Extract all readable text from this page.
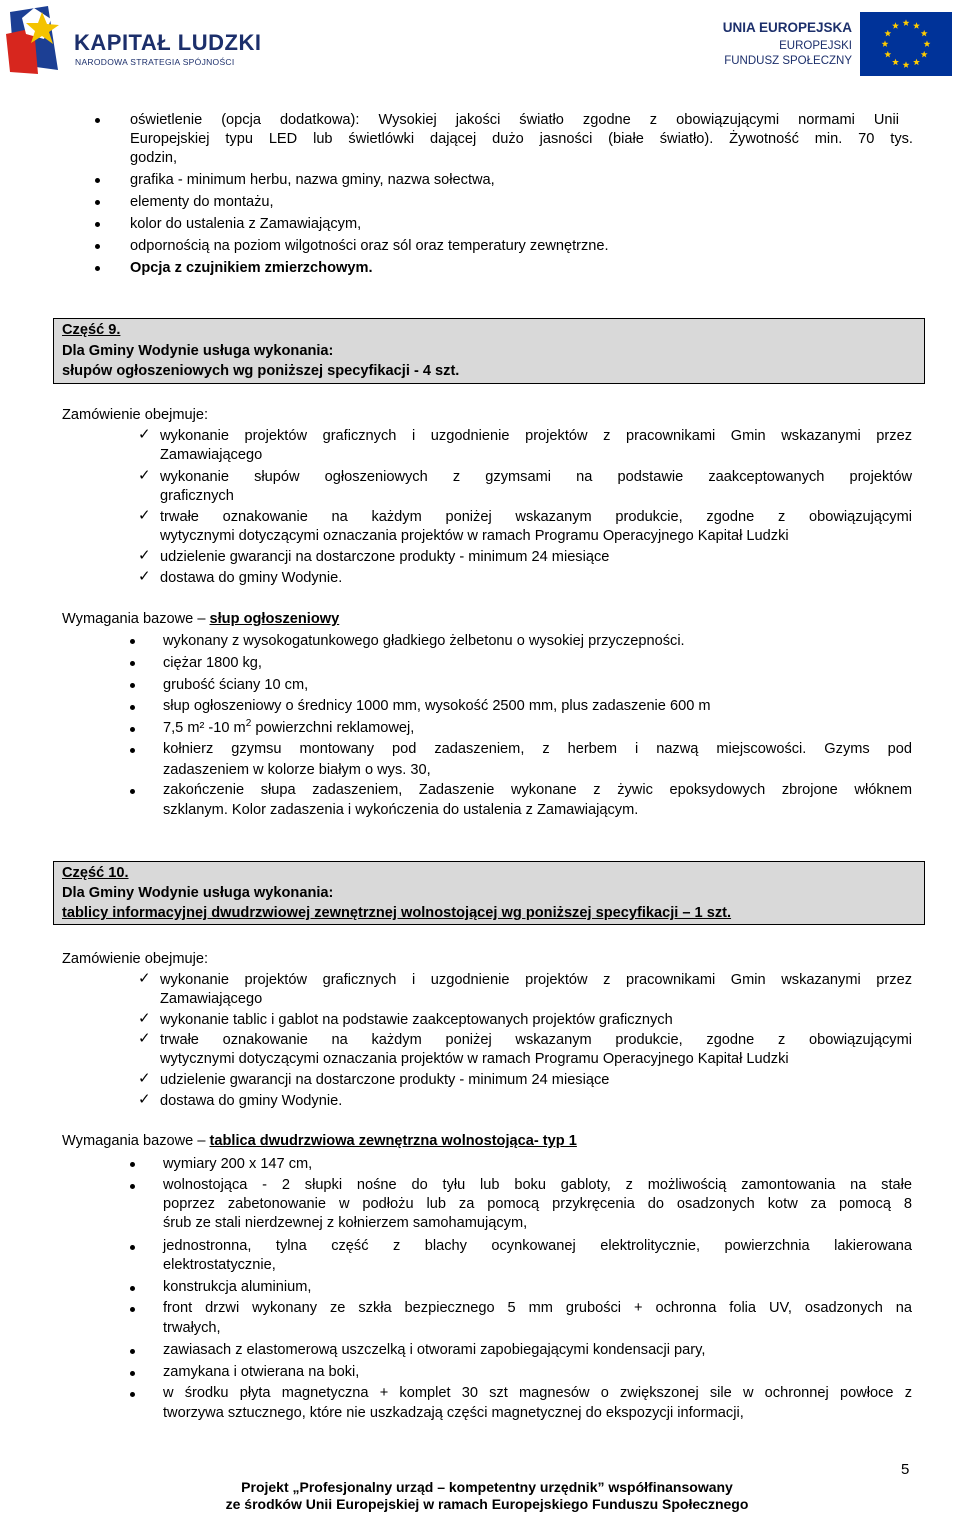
KAPITAŁ LUDZKI
NARODOWA STRATEGIA SPÓJNOŚCI
UNIA EUROPEJSKA
EUROPEJSKI
FUNDUSZ SPOŁECZNY
oświetlenie (opcja dodatkowa): Wysokiej jakości światło zgodne z obowiązującymi normami Unii
Europejskiej typu LED lub świetlówki dającej dużo jasności (białe światło). Żywotność min. 70 tys.
godzin,
grafika - minimum herbu, nazwa gminy, nazwa sołectwa,
elementy do montażu,
kolor do ustalenia z Zamawiającym,
odpornością na poziom wilgotności oraz sól oraz temperatury zewnętrzne.
Opcja z czujnikiem zmierzchowym.
Część 9.
Dla Gminy Wodynie usługa wykonania:
słupów ogłoszeniowych wg poniższej specyfikacji - 4 szt.
Zamówienie obejmuje:
✓ wykonanie projektów graficznych i uzgodnienie projektów z pracownikami Gmin wskazanymi przez
Zamawiającego
✓ wykonanie słupów ogłoszeniowych z gzymsami na podstawie zaakceptowanych projektów
graficznych
✓ trwałe oznakowanie na każdym poniżej wskazanym produkcie, zgodne z obowiązującymi
wytycznymi dotyczącymi oznaczania projektów w ramach Programu Operacyjnego Kapitał Ludzki
✓ udzielenie gwarancji na dostarczone produkty - minimum 24 miesiące
✓ dostawa do gminy Wodynie.
Wymagania bazowe – słup ogłoszeniowy
wykonany z wysokogatunkowego gładkiego żelbetonu o wysokiej przyczepności.
ciężar 1800 kg,
grubość ściany 10 cm,
słup ogłoszeniowy o średnicy 1000 mm, wysokość 2500 mm, plus zadaszenie 600 m
7,5 m² -10 $m^2$ powierzchni reklamowej,
kołnierz gzymsu montowany pod zadaszeniem, z herbem i nazwą miejscowości. Gzyms pod
zadaszeniem w kolorze białym o wys. 30,
zakończenie słupa zadaszeniem, Zadaszenie wykonane z żywic epoksydowych zbrojone włóknem
szklanym. Kolor zadaszenia i wykończenia do ustalenia z Zamawiającym.
Część 10.
Dla Gminy Wodynie usługa wykonania:
tablicy informacyjnej dwudrzwiowej zewnętrznej wolnostojącej wg poniższej specyfikacji – 1 szt.
Zamówienie obejmuje:
✓ wykonanie projektów graficznych i uzgodnienie projektów z pracownikami Gmin wskazanymi przez
Zamawiającego
✓ wykonanie tablic i gablot na podstawie zaakceptowanych projektów graficznych
✓ trwałe oznakowanie na każdym poniżej wskazanym produkcie, zgodne z obowiązującymi
wytycznymi dotyczącymi oznaczania projektów w ramach Programu Operacyjnego Kapitał Ludzki
✓ udzielenie gwarancji na dostarczone produkty - minimum 24 miesiące
✓ dostawa do gminy Wodynie.
Wymagania bazowe – tablica dwudrzwiowa zewnętrzna wolnostojąca- typ 1
wymiary 200 x 147 cm,
wolnostojąca - 2 słupki nośne do tyłu lub boku gabloty, z możliwością zamontowania na stałe
poprzez zabetonowanie w podłożu lub za pomocą przykręcenia do osadzonych kotw za pomocą 8
śrub ze stali nierdzewnej z kołnierzem samohamującym,
jednostronna, tylna część z blachy ocynkowanej elektrolitycznie, powierzchnia lakierowana
elektrostatycznie,
konstrukcja aluminium,
front drzwi wykonany ze szkła bezpiecznego 5 mm grubości + ochronna folia UV, osadzonych na
trwałych,
zawiasach z elastomerową uszczelką i otworami zapobiegającymi kondensacji pary,
zamykana i otwierana na boki,
w środku płyta magnetyczna + komplet 30 szt magnesów o zwiększonej sile w ochronnej powłoce z
tworzywa sztucznego, które nie uszkadzają części magnetycznej do ekspozycji informacji,
5
Projekt „Profesjonalny urząd – kompetentny urzędnik” współfinansowany
ze środków Unii Europejskiej w ramach Europejskiego Funduszu Społecznego
